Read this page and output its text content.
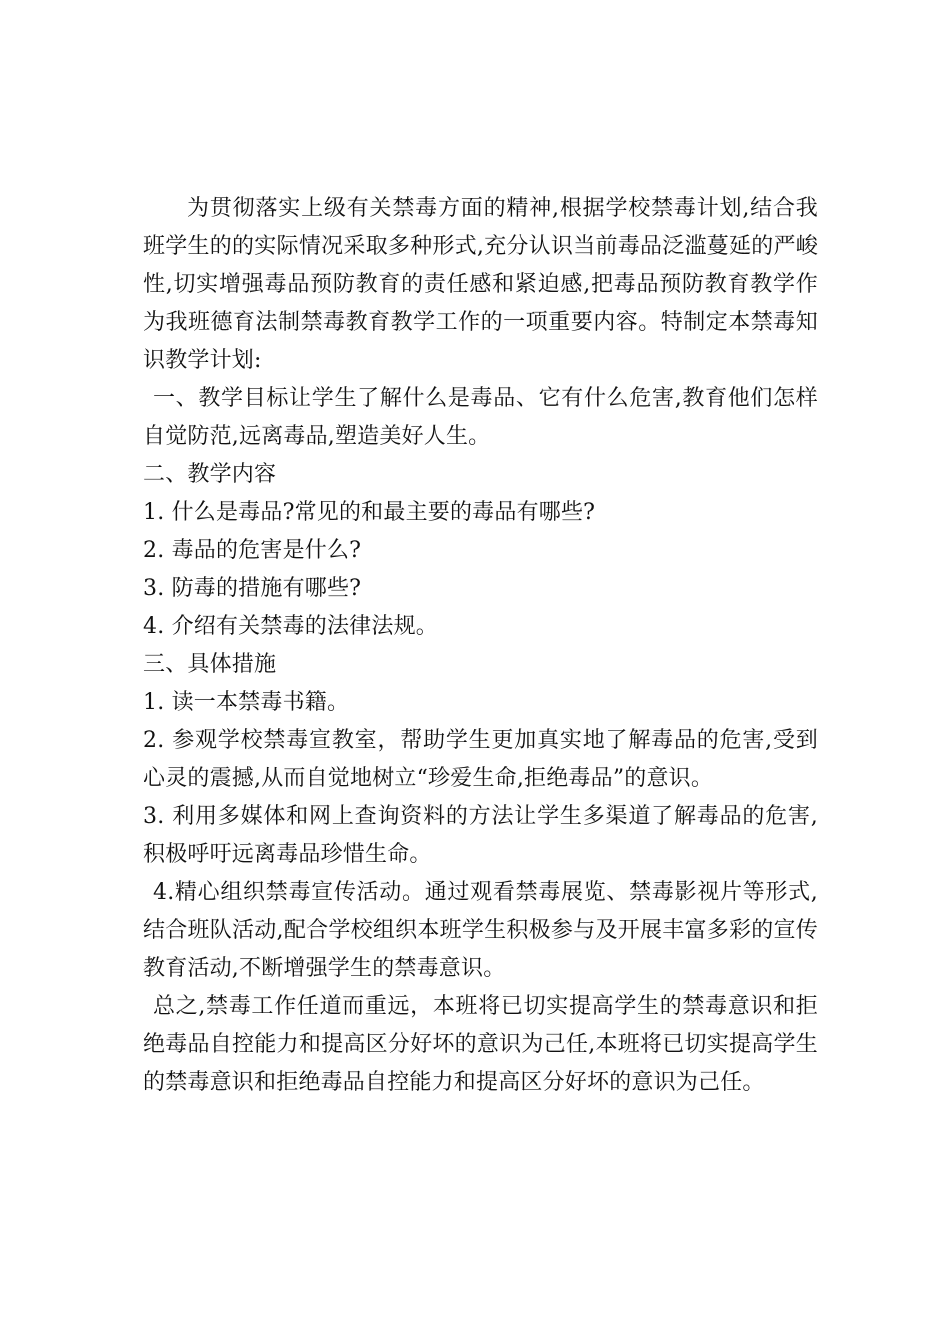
为贯彻落实上级有关禁毒方面的精神,根据学校禁毒计划,结合我班学生的的实际情况采取多种形式,充分认识当前毒品泛滥蔓延的严峻性,切实增强毒品预防教育的责任感和紧迫感,把毒品预防教育教学作为我班德育法制禁毒教育教学工作的一项重要内容。特制定本禁毒知识教学计划:

一、教学目标让学生了解什么是毒品、它有什么危害,教育他们怎样自觉防范,远离毒品,塑造美好人生。

二、教学内容

1. 什么是毒品?常见的和最主要的毒品有哪些?

2. 毒品的危害是什么?

3. 防毒的措施有哪些?

4. 介绍有关禁毒的法律法规。

三、具体措施

1. 读一本禁毒书籍。

2. 参观学校禁毒宣教室，帮助学生更加真实地了解毒品的危害,受到心灵的震撼,从而自觉地树立“珍爱生命,拒绝毒品”的意识。

3. 利用多媒体和网上查询资料的方法让学生多渠道了解毒品的危害,积极呼吁远离毒品珍惜生命。

4.精心组织禁毒宣传活动。通过观看禁毒展览、禁毒影视片等形式,结合班队活动,配合学校组织本班学生积极参与及开展丰富多彩的宣传教育活动,不断增强学生的禁毒意识。

总之,禁毒工作任道而重远，本班将已切实提高学生的禁毒意识和拒绝毒品自控能力和提高区分好坏的意识为己任,本班将已切实提高学生的禁毒意识和拒绝毒品自控能力和提高区分好坏的意识为己任。
